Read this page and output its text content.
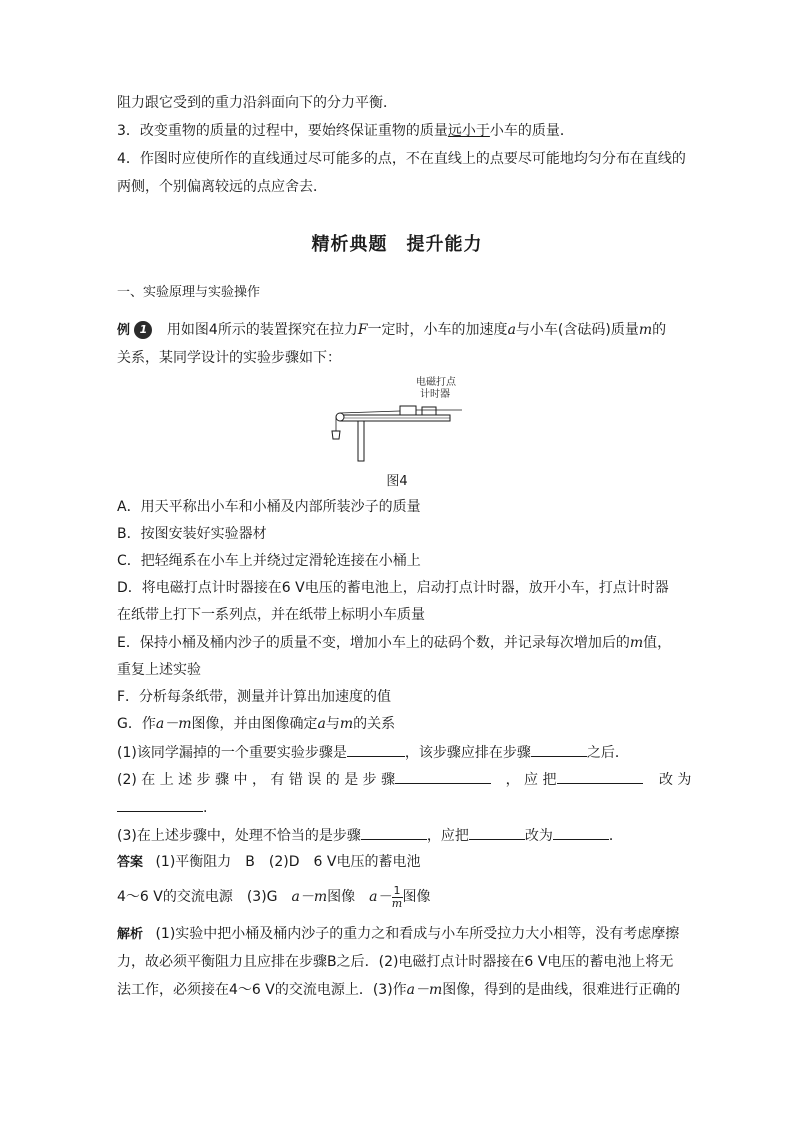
阻力跟它受到的重力沿斜面向下的分力平衡．
3．改变重物的质量的过程中，要始终保证重物的质量远小于小车的质量．
4．作图时应使所作的直线通过尽可能多的点，不在直线上的点要尽可能地均匀分布在直线的
两侧，个别偏离较远的点应舍去．
精析典题　提升能力
一、实验原理与实验操作
例 1 用如图4所示的装置探究在拉力F一定时，小车的加速度a与小车(含砝码)质量m的
关系，某同学设计的实验步骤如下：
电磁打点
计时器
图4
A．用天平称出小车和小桶及内部所装沙子的质量
B．按图安装好实验器材
C．把轻绳系在小车上并绕过定滑轮连接在小桶上
D．将电磁打点计时器接在6 V电压的蓄电池上，启动打点计时器，放开小车，打点计时器
在纸带上打下一系列点，并在纸带上标明小车质量
E．保持小桶及桶内沙子的质量不变，增加小车上的砝码个数，并记录每次增加后的m值，
重复上述实验
F．分析每条纸带，测量并计算出加速度的值
G．作a－m图像，并由图像确定a与m的关系
(1)该同学漏掉的一个重要实验步骤是	，该步骤应排在步骤	之后．
(2) 在 上 述 步 骤 中 ， 有 错 误 的 是 步 骤	， 应 把	改 为
.
(3)在上述步骤中，处理不恰当的是步骤	，应把	改为	．
答案 (1)平衡阻力　B　(2)D　6 V电压的蓄电池
4～6 V的交流电源　(3)G　a－m图像　$a- \frac{1}{m}$ 图像
解析 (1)实验中把小桶及桶内沙子的重力之和看成与小车所受拉力大小相等，没有考虑摩擦
力，故必须平衡阻力且应排在步骤B之后．(2)电磁打点计时器接在6 V电压的蓄电池上将无
法工作，必须接在4～6 V的交流电源上．(3)作a－m图像，得到的是曲线，很难进行正确的
